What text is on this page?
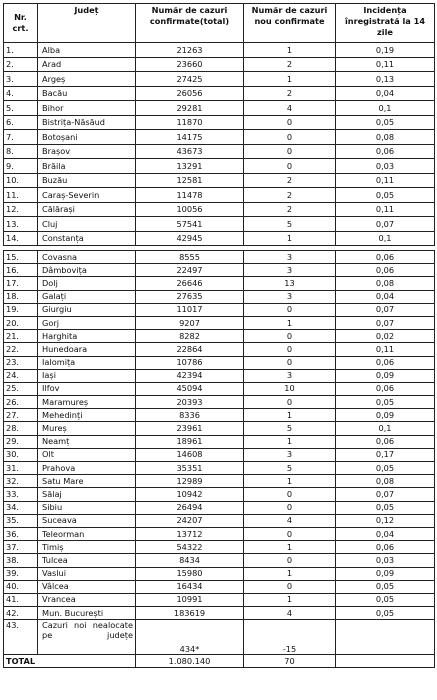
Nr. crt.	Județ	Număr de cazuri confirmate(total)	Număr de cazuri nou confirmate	Incidența înregistrată la 14 zile
1.	Alba	21263	1	0,19
2.	Arad	23660	2	0,11
3.	Argeș	27425	1	0,13
4.	Bacău	26056	2	0,04
5.	Bihor	29281	4	0,1
6.	Bistrița-Năsăud	11870	0	0,05
7.	Botoșani	14175	0	0,08
8.	Brașov	43673	0	0,06
9.	Brăila	13291	0	0,03
10.	Buzău	12581	2	0,11
11.	Caraș-Severin	11478	2	0,05
12.	Călărași	10056	2	0,11
13.	Cluj	57541	5	0,07
14.	Constanța	42945	1	0,1
15.	Covasna	8555	3	0,06
16.	Dâmbovița	22497	3	0,06
17.	Dolj	26646	13	0,08
18.	Galați	27635	3	0,04
19.	Giurgiu	11017	0	0,07
20.	Gorj	9207	1	0,07
21.	Harghita	8282	0	0,02
22.	Hunedoara	22864	0	0,11
23.	Ialomița	10786	0	0,06
24.	Iași	42394	3	0,09
25.	Ilfov	45094	10	0,06
26.	Maramureș	20393	0	0,05
27.	Mehedinți	8336	1	0,09
28.	Mureș	23961	5	0,1
29.	Neamț	18961	1	0,06
30.	Olt	14608	3	0,17
31.	Prahova	35351	5	0,05
32.	Satu Mare	12989	1	0,08
33.	Sălaj	10942	0	0,07
34.	Sibiu	26494	0	0,05
35.	Suceava	24207	4	0,12
36.	Teleorman	13712	0	0,04
37.	Timiș	54322	1	0,06
38.	Tulcea	8434	0	0,03
39.	Vaslui	15980	1	0,09
40.	Vâlcea	16434	0	0,05
41.	Vrancea	10991	1	0,05
42.	Mun. București	183619	4	0,05
43.	Cazuri noi nealocate pe județe	434*	-15	
TOTAL		1.080.140	70	
